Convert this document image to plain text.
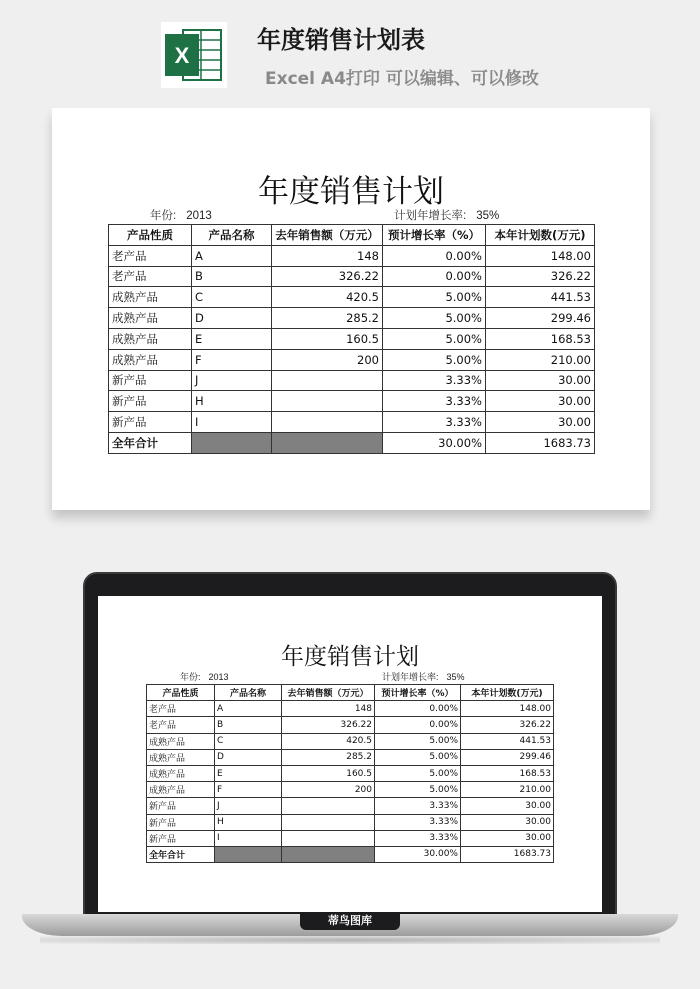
X
年度销售计划表
Excel A4打印 可以编辑、可以修改
年度销售计划
年份: 2013	计划年增长率: 35%
产品性质	产品名称	去年销售额（万元）	预计增长率（%）	本年计划数(万元)
老产品	A	148	0.00%	148.00
老产品	B	326.22	0.00%	326.22
成熟产品	C	420.5	5.00%	441.53
成熟产品	D	285.2	5.00%	299.46
成熟产品	E	160.5	5.00%	168.53
成熟产品	F	200	5.00%	210.00
新产品	J		3.33%	30.00
新产品	H		3.33%	30.00
新产品	I		3.33%	30.00
全年合计			30.00%	1683.73
年度销售计划
年份: 2013	计划年增长率: 35%
产品性质	产品名称	去年销售额（万元）	预计增长率（%）	本年计划数(万元)
老产品	A	148	0.00%	148.00
老产品	B	326.22	0.00%	326.22
成熟产品	C	420.5	5.00%	441.53
成熟产品	D	285.2	5.00%	299.46
成熟产品	E	160.5	5.00%	168.53
成熟产品	F	200	5.00%	210.00
新产品	J		3.33%	30.00
新产品	H		3.33%	30.00
新产品	I		3.33%	30.00
全年合计			30.00%	1683.73
蒂鸟图库
